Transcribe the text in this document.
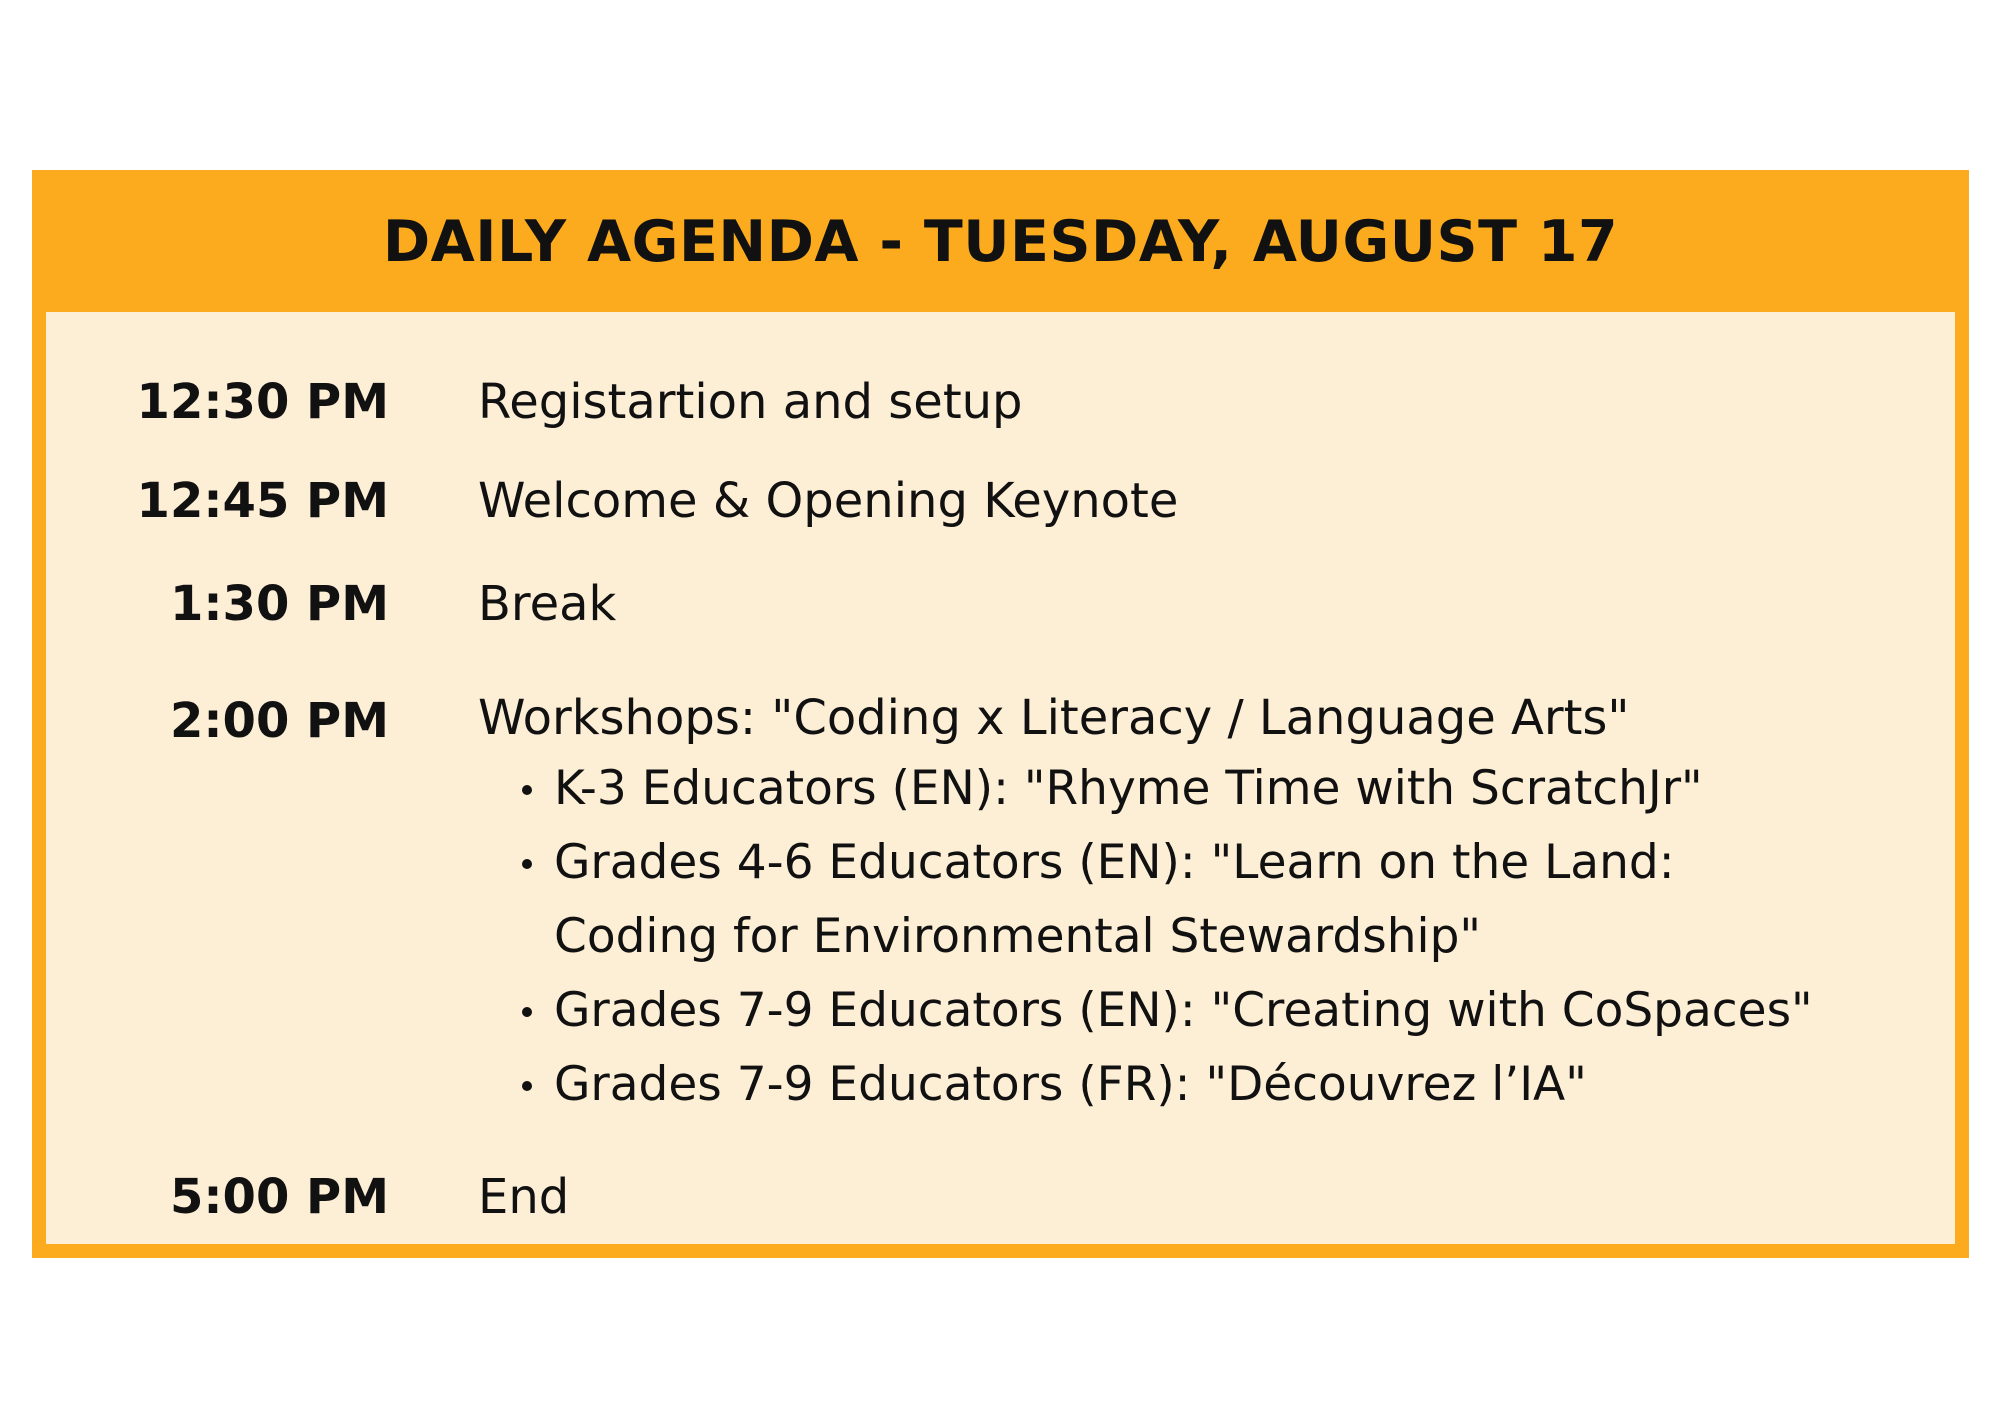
DAILY AGENDA - TUESDAY, AUGUST 17
12:30 PM Registartion and setup
12:45 PM Welcome & Opening Keynote
1:30 PM Break
2:00 PM Workshops: "Coding x Literacy / Language Arts"
K-3 Educators (EN): "Rhyme Time with ScratchJr"
Grades 4-6 Educators (EN): "Learn on the Land:
Coding for Environmental Stewardship"
Grades 7-9 Educators (EN): "Creating with CoSpaces"
Grades 7-9 Educators (FR): "Découvrez l’IA"
5:00 PM End
